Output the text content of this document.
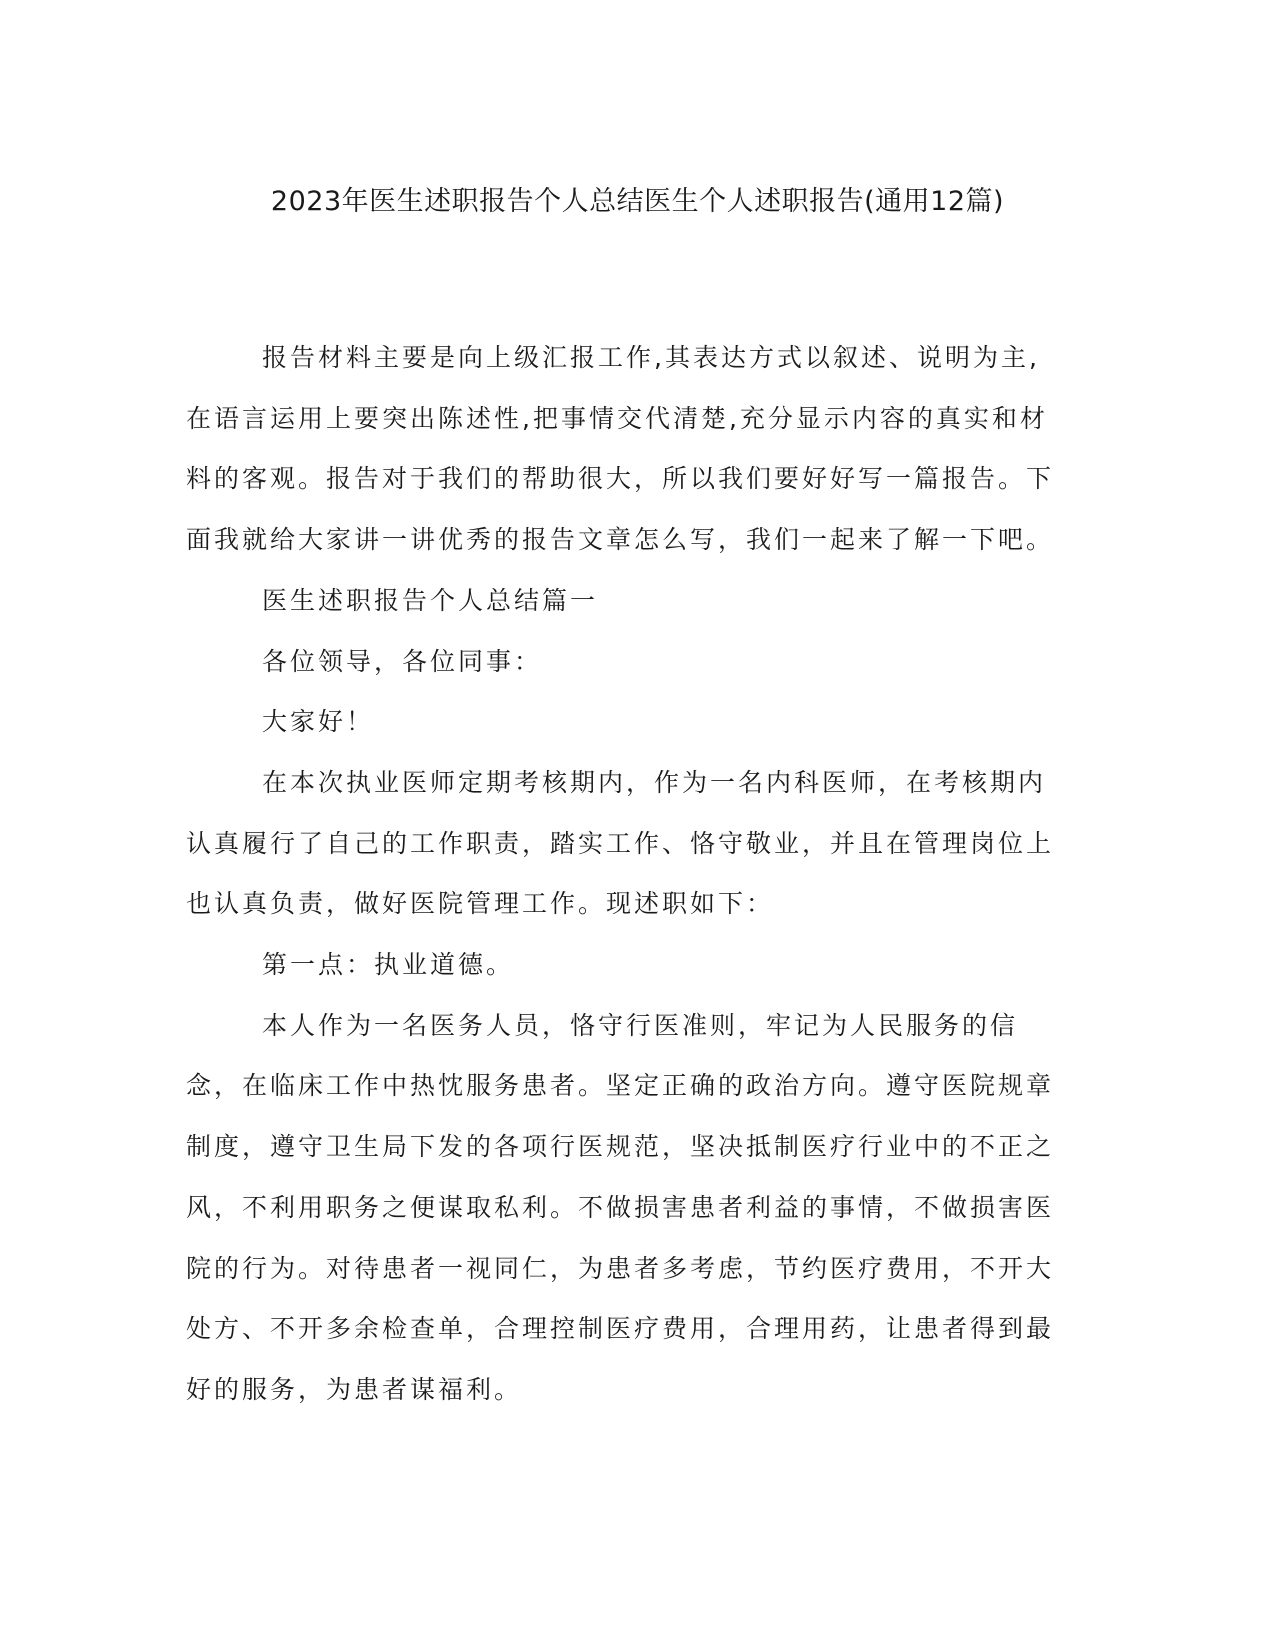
2023年医生述职报告个人总结医生个人述职报告(通用12篇)

报告材料主要是向上级汇报工作,其表达方式以叙述、说明为主,在语言运用上要突出陈述性,把事情交代清楚,充分显示内容的真实和材料的客观。报告对于我们的帮助很大，所以我们要好好写一篇报告。下面我就给大家讲一讲优秀的报告文章怎么写，我们一起来了解一下吧。

医生述职报告个人总结篇一

各位领导，各位同事：

大家好！

在本次执业医师定期考核期内，作为一名内科医师，在考核期内认真履行了自己的工作职责，踏实工作、恪守敬业，并且在管理岗位上也认真负责，做好医院管理工作。现述职如下：

第一点：执业道德。

本人作为一名医务人员，恪守行医准则，牢记为人民服务的信念，在临床工作中热忱服务患者。坚定正确的政治方向。遵守医院规章制度，遵守卫生局下发的各项行医规范，坚决抵制医疗行业中的不正之风，不利用职务之便谋取私利。不做损害患者利益的事情，不做损害医院的行为。对待患者一视同仁，为患者多考虑，节约医疗费用，不开大处方、不开多余检查单，合理控制医疗费用，合理用药，让患者得到最好的服务，为患者谋福利。
